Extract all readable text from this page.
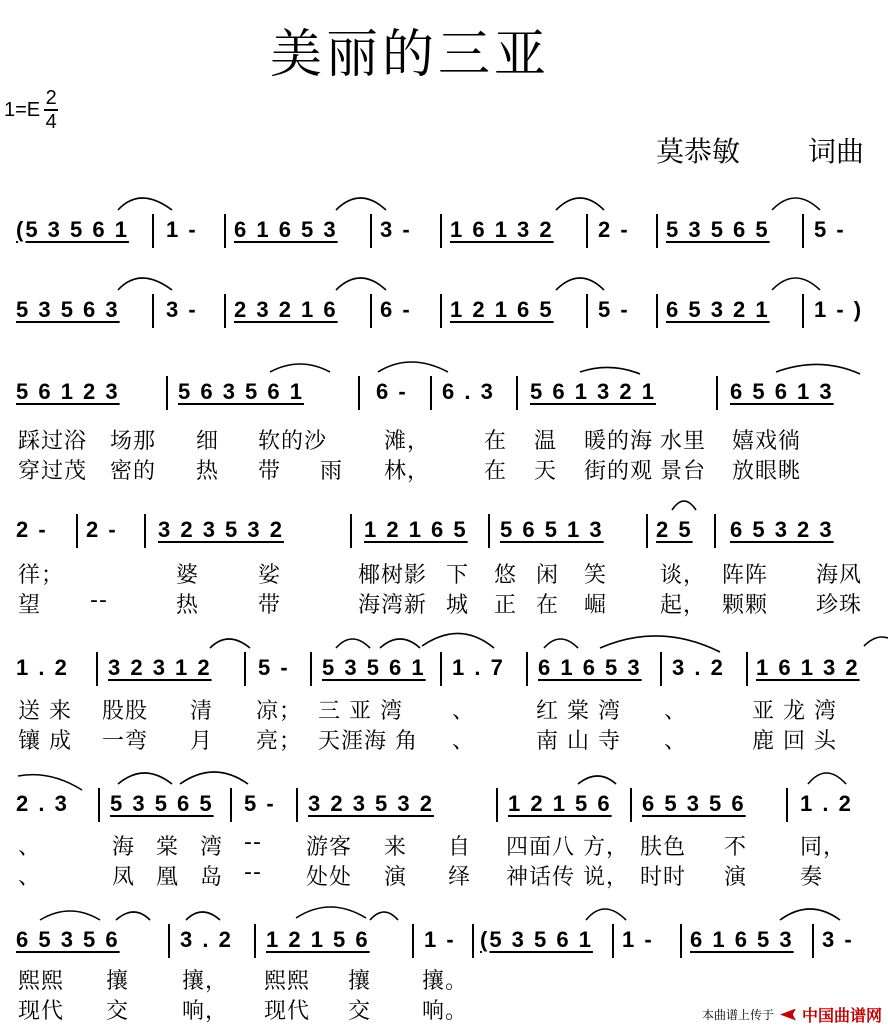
美丽的三亚
$1=E \frac{2}{4}$
莫恭敏 词曲
(5 3 5 6 1 1 - 6 1 6 5 3 3 - 1 6 1 3 2 2 - 5 3 5 6 5 5 -
5 3 5 6 3 3 - 2 3 2 1 6 6 - 1 2 1 6 5 5 - 6 5 3 2 1 1 - )
5 6 1 2 3	5 6 3 5 6 1	6 - 6 . 3 5 6 1 3 2 1	6 5 6 1 3
踩过浴 场那 细 软的沙	滩， 在 温 暖的海 水里 嬉戏徜
穿过茂 密的 热 带 雨 林， 在 天 街的观 景台 放眼眺
2 - 2 - 3 2 3 5 3 2	1 2 1 6 5 5 6 5 1 3 2 5 6 5 3 2 3
徉；	婆	娑	椰树影 下 悠 闲 笑 谈， 阵阵 海风
望 --	热	带	海湾新 城 正 在 崛 起， 颗颗 珍珠
1 . 2 3 2 3 1 2 5 - 5 3 5 6 1 1 . 7 6 1 6 5 3 3 . 2 1 6 1 3 2
送 来 股股 清 凉； 三 亚 湾 、	红 棠 湾 、	亚 龙 湾
镶 成 一弯 月 亮； 天涯海 角 、	南 山 寺 、	鹿 回 头
2 . 3 5 3 5 6 5 5 - 3 2 3 5 3 2	1 2 1 5 6 6 5 3 5 6 1 . 2
、	海 棠 湾 -- 游客 来 自 四面八 方， 肤色 不 同，
、	凤 凰 岛 -- 处处 演 绎 神话传 说， 时时 演 奏
6 5 3 5 6	3 . 2 1 2 1 5 6 1 - (5 3 5 6 1 1 - 6 1 6 5 3 3 -
熙熙 攘 攘， 熙熙 攘 攘。
现代 交 响， 现代 交 响。	本曲谱上传于 中国曲谱网
